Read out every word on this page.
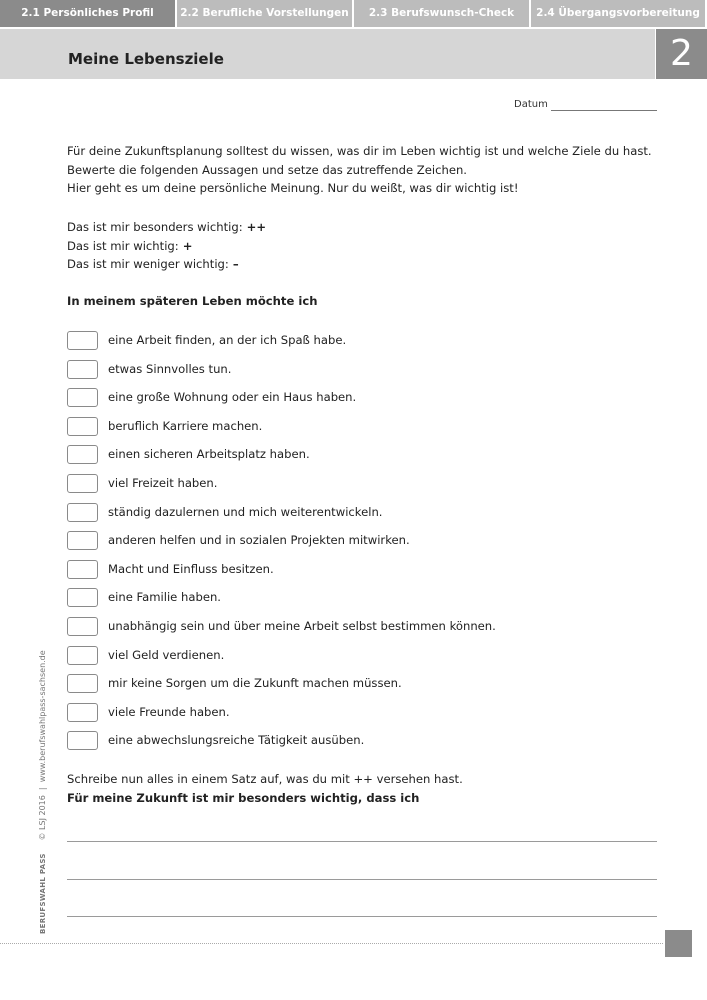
2.1 Persönliches Profil	2.2 Berufliche Vorstellungen	2.3 Berufswunsch-Check	2.4 Übergangsvorbereitung
Meine Lebensziele	2
Datum

Für deine Zukunftsplanung solltest du wissen, was dir im Leben wichtig ist und welche Ziele du hast.

Bewerte die folgenden Aussagen und setze das zutreffende Zeichen.

Hier geht es um deine persönliche Meinung. Nur du weißt, was dir wichtig ist!

Das ist mir besonders wichtig: ++
Das ist mir wichtig: +
Das ist mir weniger wichtig: –
In meinem späteren Leben möchte ich
eine Arbeit finden, an der ich Spaß habe.
etwas Sinnvolles tun.
eine große Wohnung oder ein Haus haben.
beruflich Karriere machen.
einen sicheren Arbeitsplatz haben.
viel Freizeit haben.
ständig dazulernen und mich weiterentwickeln.
anderen helfen und in sozialen Projekten mitwirken.
Macht und Einfluss besitzen.
eine Familie haben.
unabhängig sein und über meine Arbeit selbst bestimmen können.
viel Geld verdienen.
mir keine Sorgen um die Zukunft machen müssen.
viele Freunde haben.
eine abwechslungsreiche Tätigkeit ausüben.
Schreibe nun alles in einem Satz auf, was du mit ++ versehen hast.
Für meine Zukunft ist mir besonders wichtig, dass ich
BERUFSWAHL PASS     © LSJ 2016  |  www.berufswahlpass-sachsen.de
